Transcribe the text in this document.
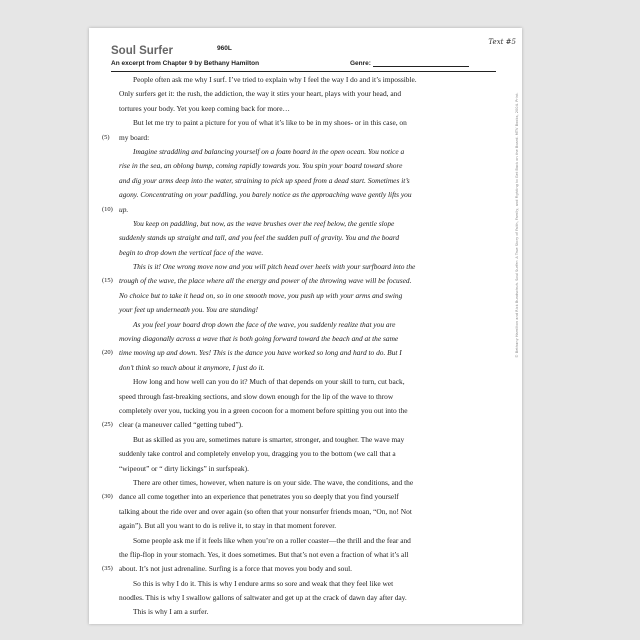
Text #5
Soul Surfer	960L
An excerpt from Chapter 9 by Bethany Hamilton	Genre:
People often ask me why I surf. I’ve tried to explain why I feel the way I do and it’s impossible.
Only surfers get it: the rush, the addiction, the way it stirs your heart, plays with your head, and
tortures your body. Yet you keep coming back for more…
But let me try to paint a picture for you of what it’s like to be in my shoes- or in this case, on
(5) my board:
Imagine straddling and balancing yourself on a foam board in the open ocean. You notice a
rise in the sea, an oblong bump, coming rapidly towards you. You spin your board toward shore
and dig your arms deep into the water, straining to pick up speed from a dead start. Sometimes it’s
agony. Concentrating on your paddling, you barely notice as the approaching wave gently lifts you
(10) up.
You keep on paddling, but now, as the wave brushes over the reef below, the gentle slope
suddenly stands up straight and tall, and you feel the sudden pull of gravity. You and the board
begin to drop down the vertical face of the wave.
This is it! One wrong move now and you will pitch head over heels with your surfboard into the
(15) trough of the wave, the place where all the energy and power of the throwing wave will be focused.
No choice but to take it head on, so in one smooth move, you push up with your arms and swing
your feet up underneath you. You are standing!
As you feel your board drop down the face of the wave, you suddenly realize that you are
moving diagonally across a wave that is both going forward toward the beach and at the same
(20) time moving up and down. Yes! This is the dance you have worked so long and hard to do. But I
don’t think so much about it anymore, I just do it.
How long and how well can you do it? Much of that depends on your skill to turn, cut back,
speed through fast-breaking sections, and slow down enough for the lip of the wave to throw
completely over you, tucking you in a green cocoon for a moment before spitting you out into the
(25) clear (a maneuver called “getting tubed”).
But as skilled as you are, sometimes nature is smarter, stronger, and tougher. The wave may
suddenly take control and completely envelop you, dragging you to the bottom (we call that a
“wipeout” or “ dirty lickings” in surfspeak).
There are other times, however, when nature is on your side. The wave, the conditions, and the
(30) dance all come together into an experience that penetrates you so deeply that you find yourself
talking about the ride over and over again (so often that your nonsurfer friends moan, “On, no! Not
again”). But all you want to do is relive it, to stay in that moment forever.
Some people ask me if it feels like when you’re on a roller coaster—the thrill and the fear and
the flip-flop in your stomach. Yes, it does sometimes. But that’s not even a fraction of what it’s all
(35) about. It’s not just adrenaline. Surfing is a force that moves you body and soul.
So this is why I do it. This is why I endure arms so sore and weak that they feel like wet
noodles. This is why I swallow gallons of saltwater and get up at the crack of dawn day after day.
This is why I am a surfer.
© Bethany Hamilton and Rick Bundschuh. Soul Surfer: A True Story of Faith, Family, and Fighting to Get Back on the Board. MTV Books, 2004. Print.
